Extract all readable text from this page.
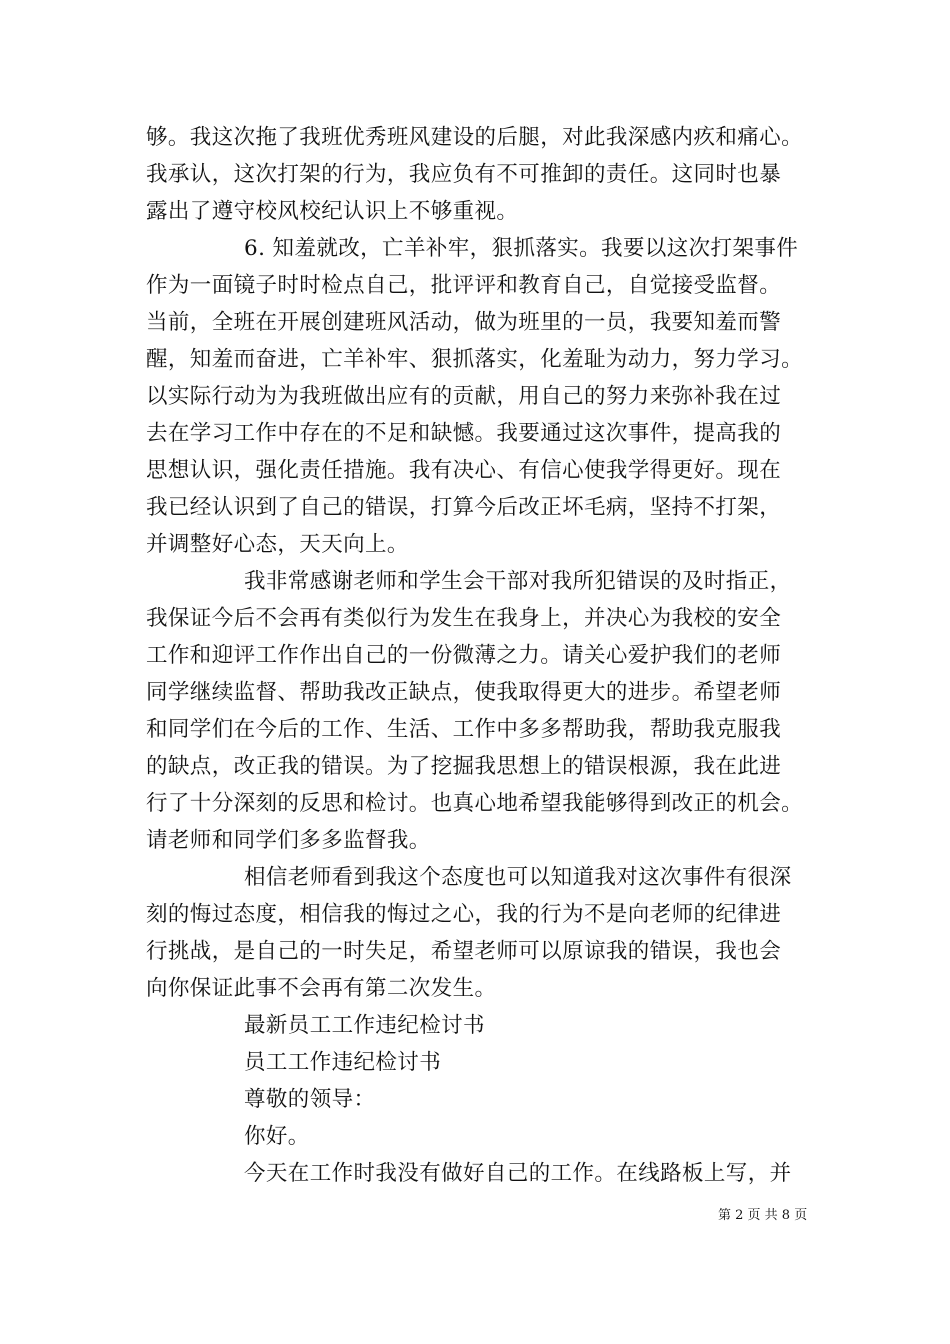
够。我这次拖了我班优秀班风建设的后腿，对此我深感内疚和痛心。
我承认，这次打架的行为，我应负有不可推卸的责任。这同时也暴
露出了遵守校风校纪认识上不够重视。
6. 知羞就改，亡羊补牢，狠抓落实。我要以这次打架事件
作为一面镜子时时检点自己，批评评和教育自己，自觉接受监督。
当前，全班在开展创建班风活动，做为班里的一员，我要知羞而警
醒，知羞而奋进，亡羊补牢、狠抓落实，化羞耻为动力，努力学习。
以实际行动为为我班做出应有的贡献，用自己的努力来弥补我在过
去在学习工作中存在的不足和缺憾。我要通过这次事件，提高我的
思想认识，强化责任措施。我有决心、有信心使我学得更好。现在
我已经认识到了自己的错误，打算今后改正坏毛病，坚持不打架，
并调整好心态，天天向上。
我非常感谢老师和学生会干部对我所犯错误的及时指正，
我保证今后不会再有类似行为发生在我身上，并决心为我校的安全
工作和迎评工作作出自己的一份微薄之力。请关心爱护我们的老师
同学继续监督、帮助我改正缺点，使我取得更大的进步。希望老师
和同学们在今后的工作、生活、工作中多多帮助我，帮助我克服我
的缺点，改正我的错误。为了挖掘我思想上的错误根源，我在此进
行了十分深刻的反思和检讨。也真心地希望我能够得到改正的机会。
请老师和同学们多多监督我。
相信老师看到我这个态度也可以知道我对这次事件有很深
刻的悔过态度，相信我的悔过之心，我的行为不是向老师的纪律进
行挑战，是自己的一时失足，希望老师可以原谅我的错误，我也会
向你保证此事不会再有第二次发生。
最新员工工作违纪检讨书
员工工作违纪检讨书
尊敬的领导：
你好。
今天在工作时我没有做好自己的工作。在线路板上写，并
第 2 页 共 8 页
